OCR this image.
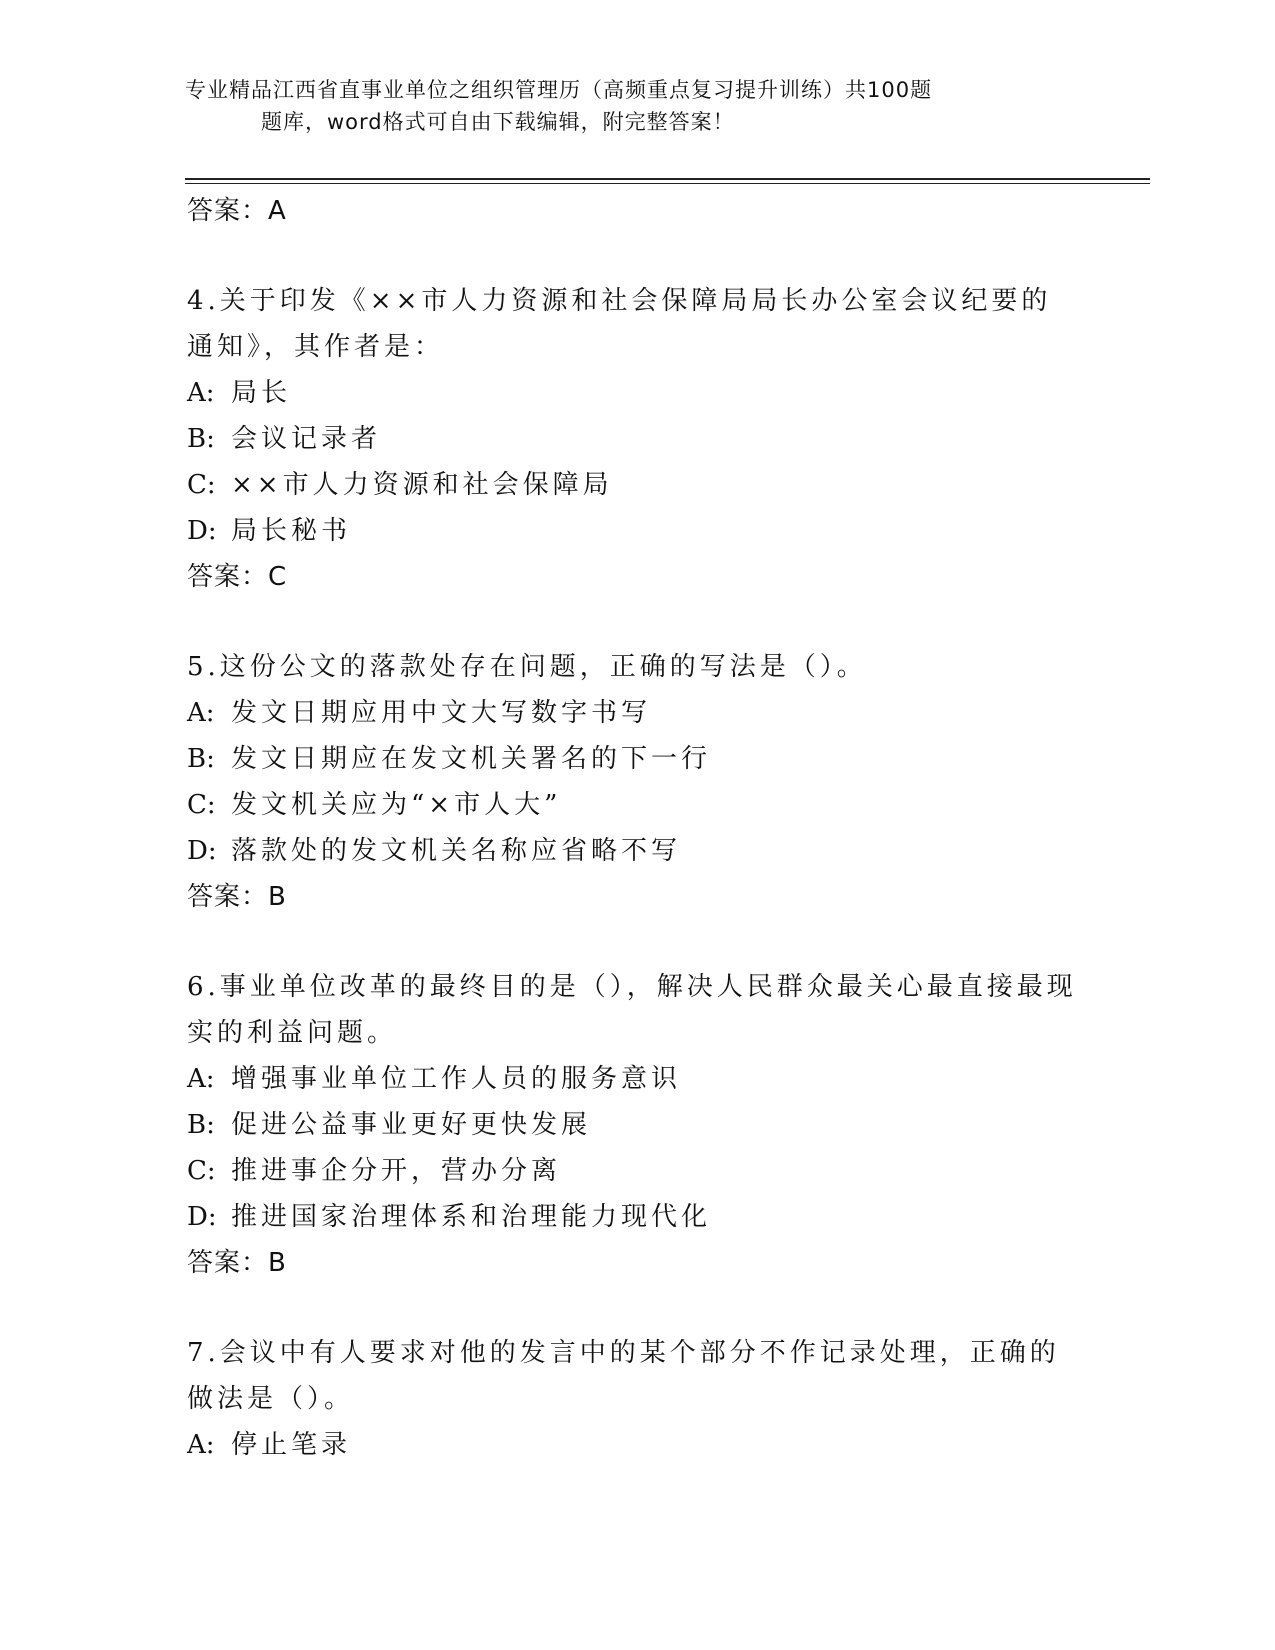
专业精品江西省直事业单位之组织管理历（高频重点复习提升训练）共100题
题库，word格式可自由下载编辑，附完整答案！
答案：A
4.关于印发《××市人力资源和社会保障局局长办公室会议纪要的通知》，其作者是：
A: 局长
B: 会议记录者
C: ××市人力资源和社会保障局
D: 局长秘书
答案：C
5.这份公文的落款处存在问题，正确的写法是（）。
A: 发文日期应用中文大写数字书写
B: 发文日期应在发文机关署名的下一行
C: 发文机关应为“×市人大”
D: 落款处的发文机关名称应省略不写
答案：B
6.事业单位改革的最终目的是（），解决人民群众最关心最直接最现实的利益问题。
A: 增强事业单位工作人员的服务意识
B: 促进公益事业更好更快发展
C: 推进事企分开，营办分离
D: 推进国家治理体系和治理能力现代化
答案：B
7.会议中有人要求对他的发言中的某个部分不作记录处理，正确的做法是（）。
A: 停止笔录
